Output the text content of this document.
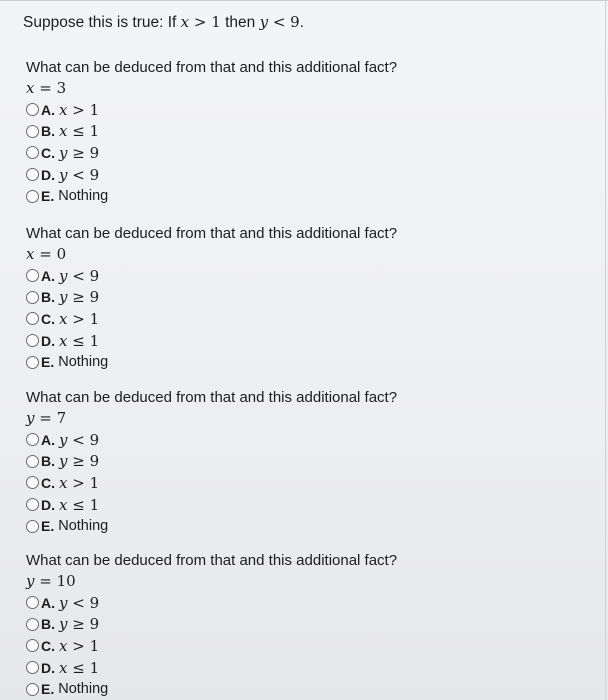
Suppose this is true: If x > 1 then y < 9.
What can be deduced from that and this additional fact?
x = 3
A. x > 1
B. x ≤ 1
C. y ≥ 9
D. y < 9
E. Nothing
What can be deduced from that and this additional fact?
x = 0
A. y < 9
B. y ≥ 9
C. x > 1
D. x ≤ 1
E. Nothing
What can be deduced from that and this additional fact?
y = 7
A. y < 9
B. y ≥ 9
C. x > 1
D. x ≤ 1
E. Nothing
What can be deduced from that and this additional fact?
y = 10
A. y < 9
B. y ≥ 9
C. x > 1
D. x ≤ 1
E. Nothing
